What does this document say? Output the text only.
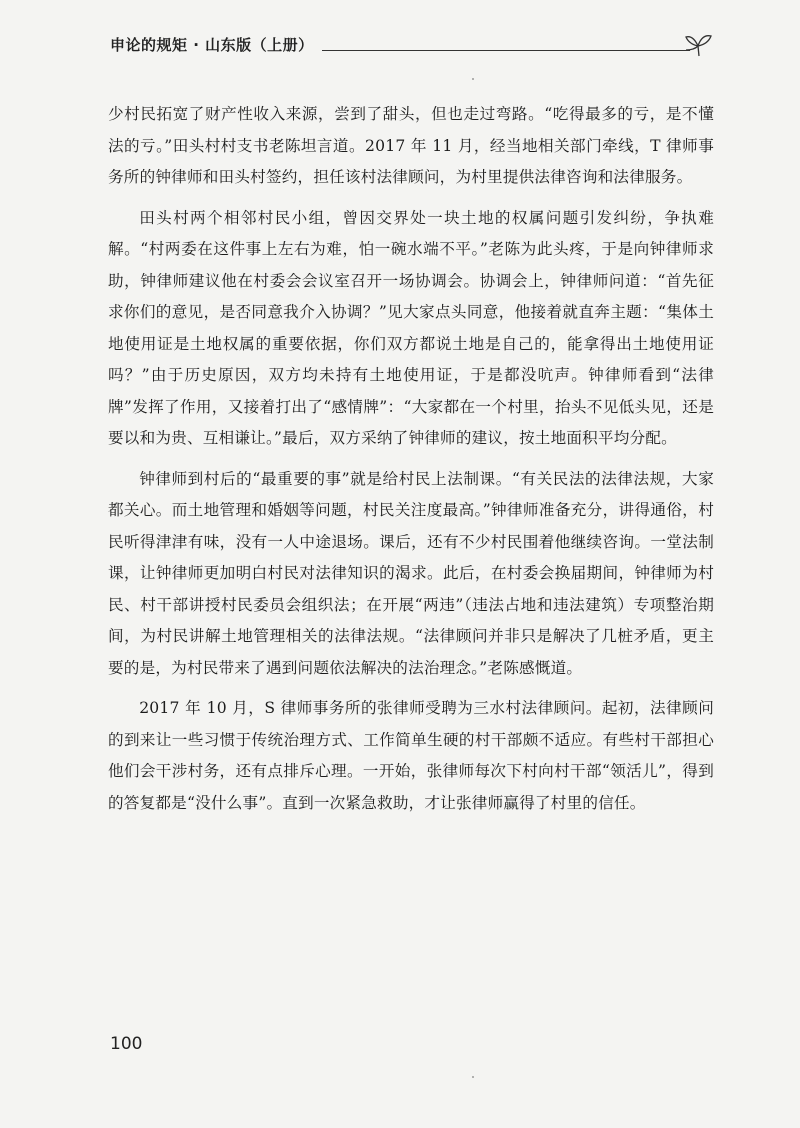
申论的规矩 · 山东版（上册）

少村民拓宽了财产性收入来源，尝到了甜头，但也走过弯路。“吃得最多的亏，是不懂法的亏。”田头村村支书老陈坦言道。2017 年 11 月，经当地相关部门牵线，T 律师事务所的钟律师和田头村签约，担任该村法律顾问，为村里提供法律咨询和法律服务。

田头村两个相邻村民小组，曾因交界处一块土地的权属问题引发纠纷，争执难解。“村两委在这件事上左右为难，怕一碗水端不平。”老陈为此头疼，于是向钟律师求助，钟律师建议他在村委会会议室召开一场协调会。协调会上，钟律师问道：“首先征求你们的意见，是否同意我介入协调？”见大家点头同意，他接着就直奔主题：“集体土地使用证是土地权属的重要依据，你们双方都说土地是自己的，能拿得出土地使用证吗？”由于历史原因，双方均未持有土地使用证，于是都没吭声。钟律师看到“法律牌”发挥了作用，又接着打出了“感情牌”：“大家都在一个村里，抬头不见低头见，还是要以和为贵、互相谦让。”最后，双方采纳了钟律师的建议，按土地面积平均分配。

钟律师到村后的“最重要的事”就是给村民上法制课。“有关民法的法律法规，大家都关心。而土地管理和婚姻等问题，村民关注度最高。”钟律师准备充分，讲得通俗，村民听得津津有味，没有一人中途退场。课后，还有不少村民围着他继续咨询。一堂法制课，让钟律师更加明白村民对法律知识的渴求。此后，在村委会换届期间，钟律师为村民、村干部讲授村民委员会组织法；在开展“两违”（违法占地和违法建筑）专项整治期间，为村民讲解土地管理相关的法律法规。“法律顾问并非只是解决了几桩矛盾，更主要的是，为村民带来了遇到问题依法解决的法治理念。”老陈感慨道。

2017 年 10 月，S 律师事务所的张律师受聘为三水村法律顾问。起初，法律顾问的到来让一些习惯于传统治理方式、工作简单生硬的村干部颇不适应。有些村干部担心他们会干涉村务，还有点排斥心理。一开始，张律师每次下村向村干部“领活儿”，得到的答复都是“没什么事”。直到一次紧急救助，才让张律师赢得了村里的信任。

100
